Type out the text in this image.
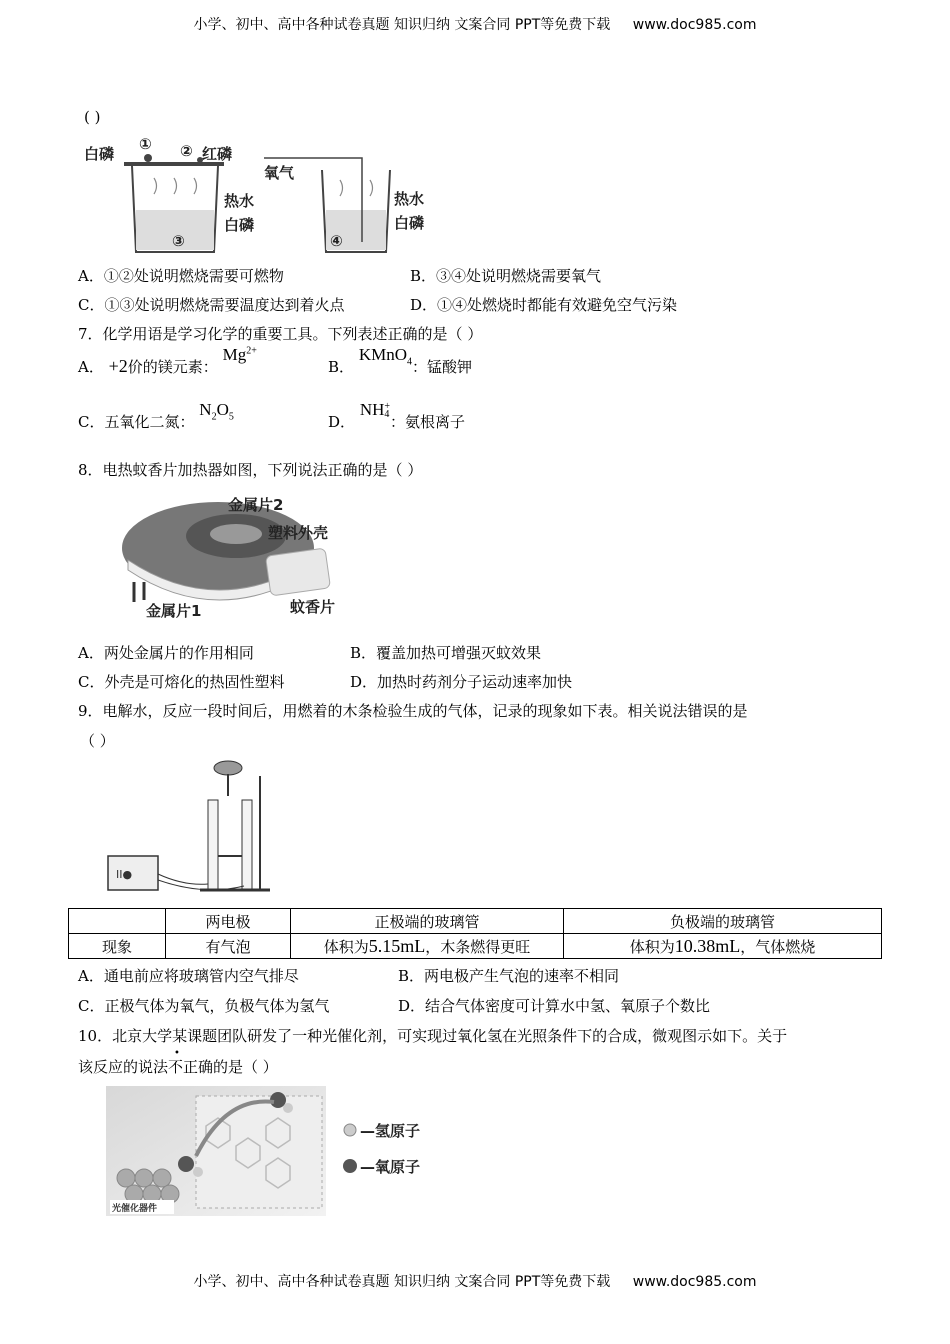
小学、初中、高中各种试卷真题 知识归纳 文案合同 PPT等免费下载 www.doc985.com
( )
白磷
① ② 红磷
热水
白磷
③
氧气
热水
白磷
④
A．①②处说明燃烧需要可燃物	B．③④处说明燃烧需要氧气
C．①③处说明燃烧需要温度达到着火点	D．①④处燃烧时都能有效避免空气污染
7．化学用语是学习化学的重要工具。下列表述正确的是（ ）
A． +2价的镁元素： $Mg^{2+}$
B． KMnO$_4$：锰酸钾
C．五氧化二氮： $N_2O_5$	D． NH +
4 ：氨根离子
8．电热蚊香片加热器如图，下列说法正确的是（ ）
金属片2
塑料外壳
金属片1	蚊香片
A．两处金属片的作用相同	B．覆盖加热可增强灭蚊效果
C．外壳是可熔化的热固性塑料	D．加热时药剂分子运动速率加快
9．电解水，反应一段时间后，用燃着的木条检验生成的气体，记录的现象如下表。相关说法错误的是
（ ）
II●
	两电极	正极端的玻璃管	负极端的玻璃管
现象	有气泡	体积为5.15mL，木条燃得更旺	体积为10.38mL，气体燃烧
A．通电前应将玻璃管内空气排尽	B．两电极产生气泡的速率不相同
C．正极气体为氧气，负极气体为氢气	D．结合气体密度可计算水中氢、氧原子个数比
10．北京大学某课题团队研发了一种光催化剂，可实现过氧化氢在光照条件下的合成，微观图示如下。关于
该反应的说法不
•
正确的是（ ）
光催化器件
—氢原子
—氧原子
小学、初中、高中各种试卷真题 知识归纳 文案合同 PPT等免费下载 www.doc985.com
